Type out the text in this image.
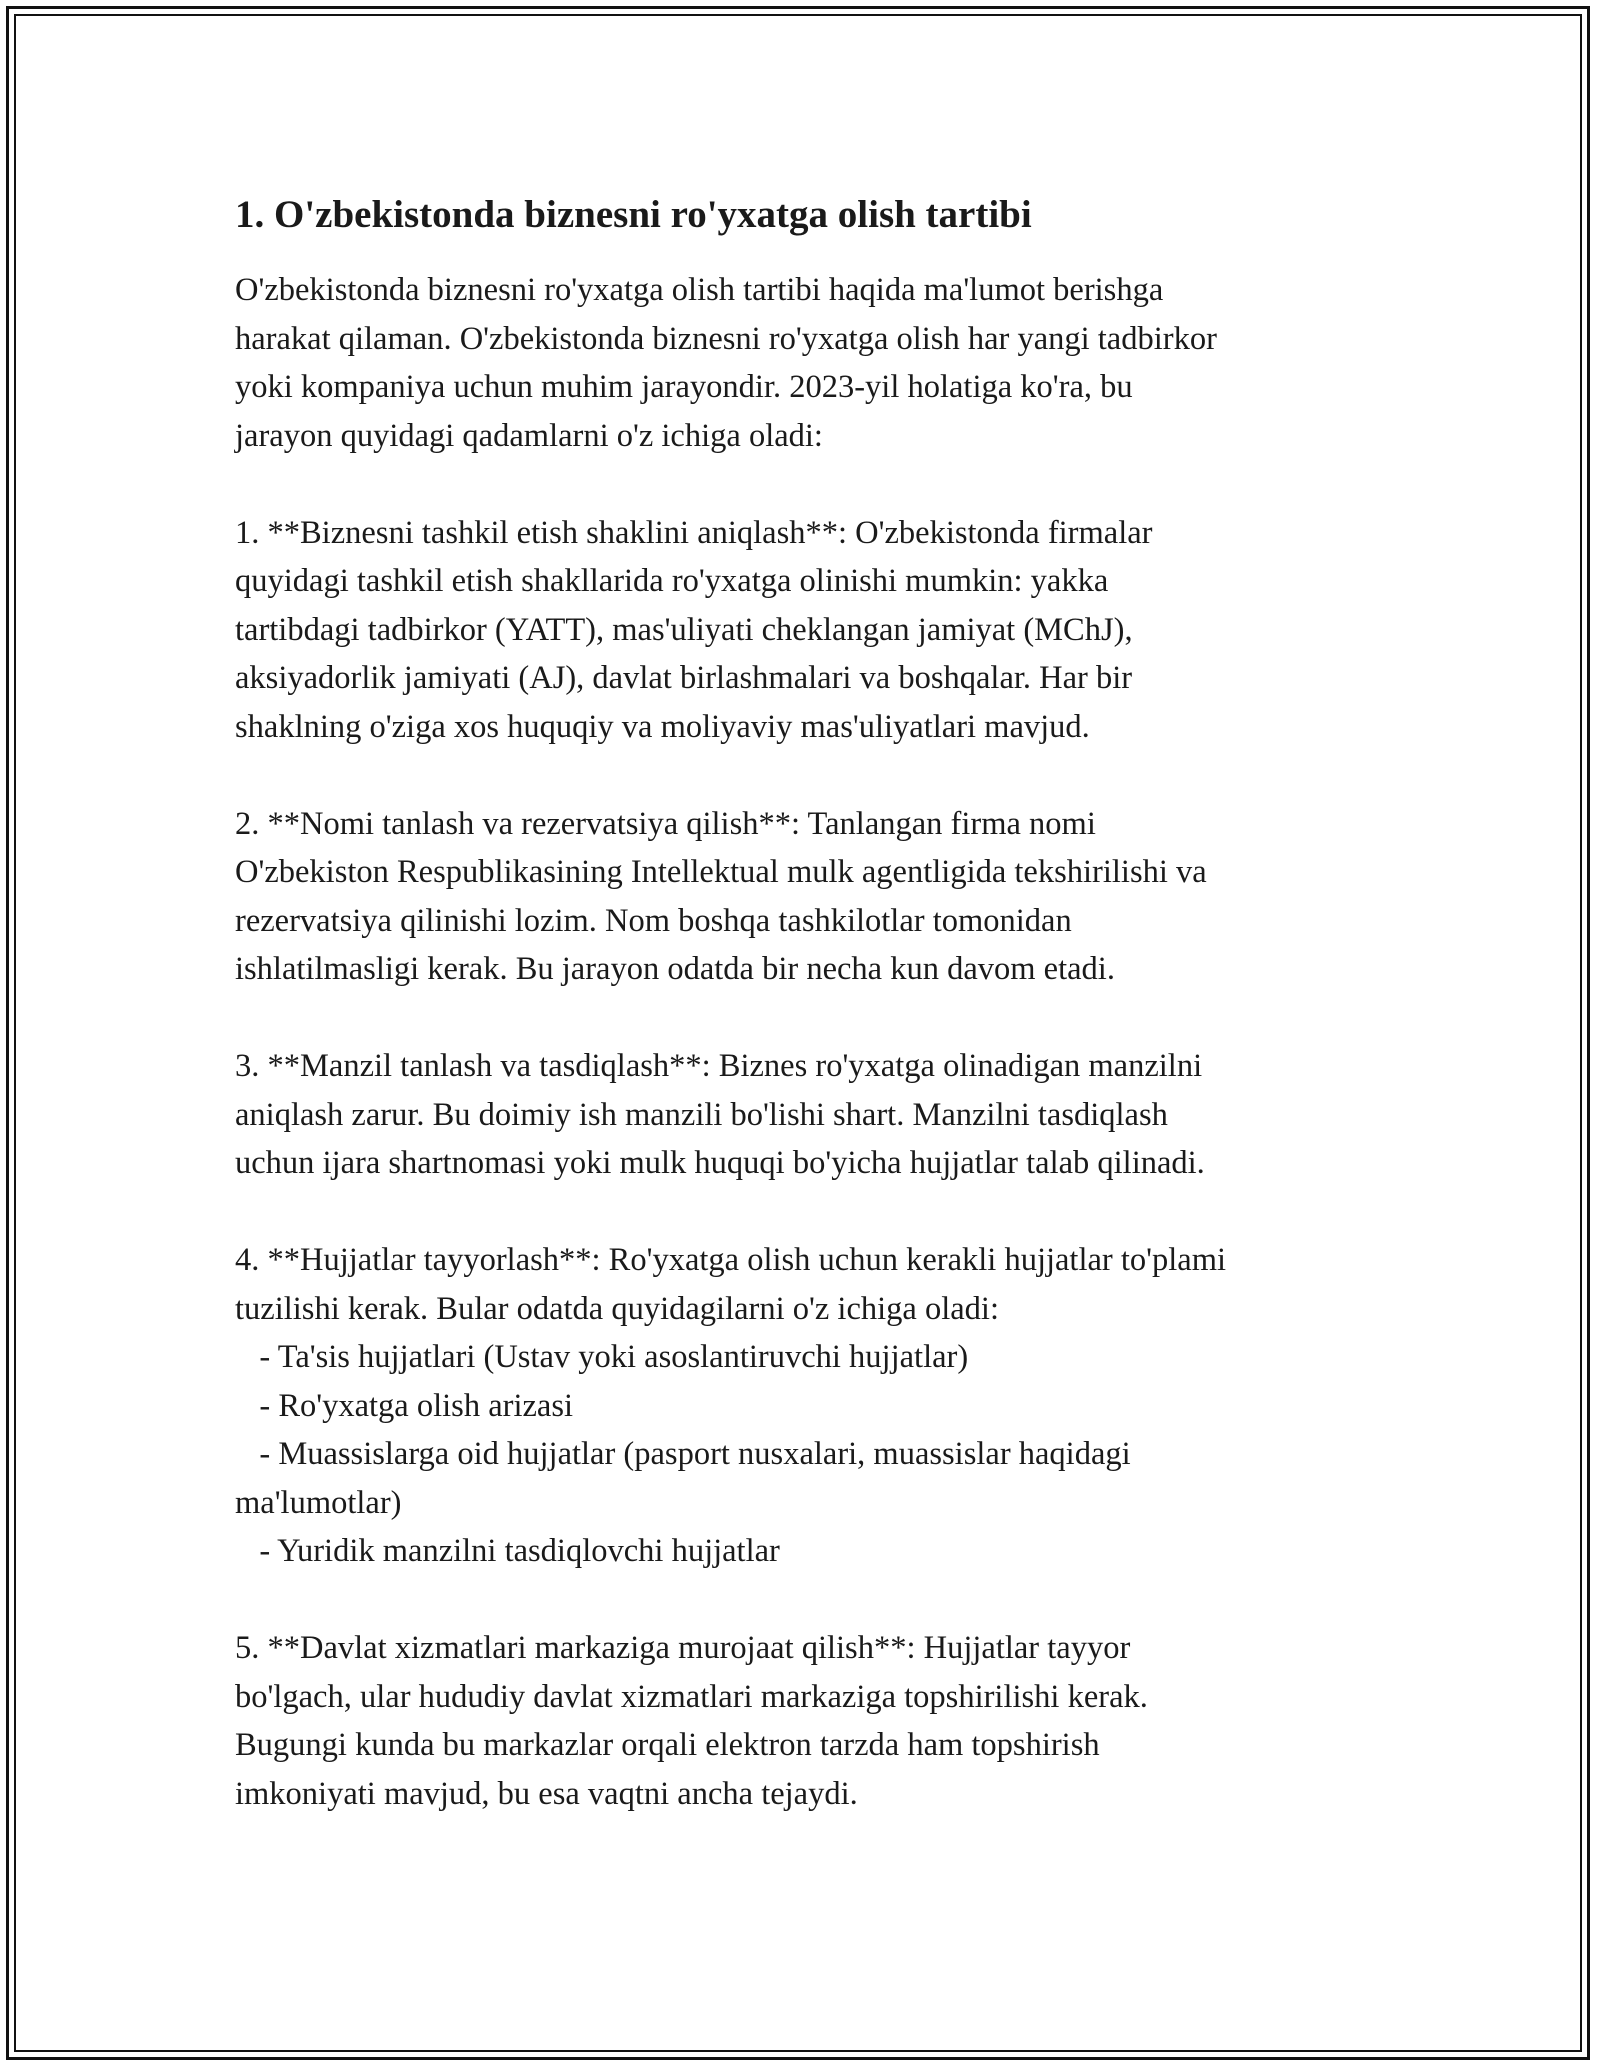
1. O'zbekistonda biznesni ro'yxatga olish tartibi

O'zbekistonda biznesni ro'yxatga olish tartibi haqida ma'lumot berishga
harakat qilaman. O'zbekistonda biznesni ro'yxatga olish har yangi tadbirkor
yoki kompaniya uchun muhim jarayondir. 2023-yil holatiga ko'ra, bu
jarayon quyidagi qadamlarni o'z ichiga oladi:

1. **Biznesni tashkil etish shaklini aniqlash**: O'zbekistonda firmalar
quyidagi tashkil etish shakllarida ro'yxatga olinishi mumkin: yakka
tartibdagi tadbirkor (YATT), mas'uliyati cheklangan jamiyat (MChJ),
aksiyadorlik jamiyati (AJ), davlat birlashmalari va boshqalar. Har bir
shaklning o'ziga xos huquqiy va moliyaviy mas'uliyatlari mavjud.

2. **Nomi tanlash va rezervatsiya qilish**: Tanlangan firma nomi
O'zbekiston Respublikasining Intellektual mulk agentligida tekshirilishi va
rezervatsiya qilinishi lozim. Nom boshqa tashkilotlar tomonidan
ishlatilmasligi kerak. Bu jarayon odatda bir necha kun davom etadi.

3. **Manzil tanlash va tasdiqlash**: Biznes ro'yxatga olinadigan manzilni
aniqlash zarur. Bu doimiy ish manzili bo'lishi shart. Manzilni tasdiqlash
uchun ijara shartnomasi yoki mulk huquqi bo'yicha hujjatlar talab qilinadi.

4. **Hujjatlar tayyorlash**: Ro'yxatga olish uchun kerakli hujjatlar to'plami
tuzilishi kerak. Bular odatda quyidagilarni o'z ichiga oladi:
- Ta'sis hujjatlari (Ustav yoki asoslantiruvchi hujjatlar)
- Ro'yxatga olish arizasi
- Muassislarga oid hujjatlar (pasport nusxalari, muassislar haqidagi
ma'lumotlar)
- Yuridik manzilni tasdiqlovchi hujjatlar

5. **Davlat xizmatlari markaziga murojaat qilish**: Hujjatlar tayyor
bo'lgach, ular hududiy davlat xizmatlari markaziga topshirilishi kerak.
Bugungi kunda bu markazlar orqali elektron tarzda ham topshirish
imkoniyati mavjud, bu esa vaqtni ancha tejaydi.
